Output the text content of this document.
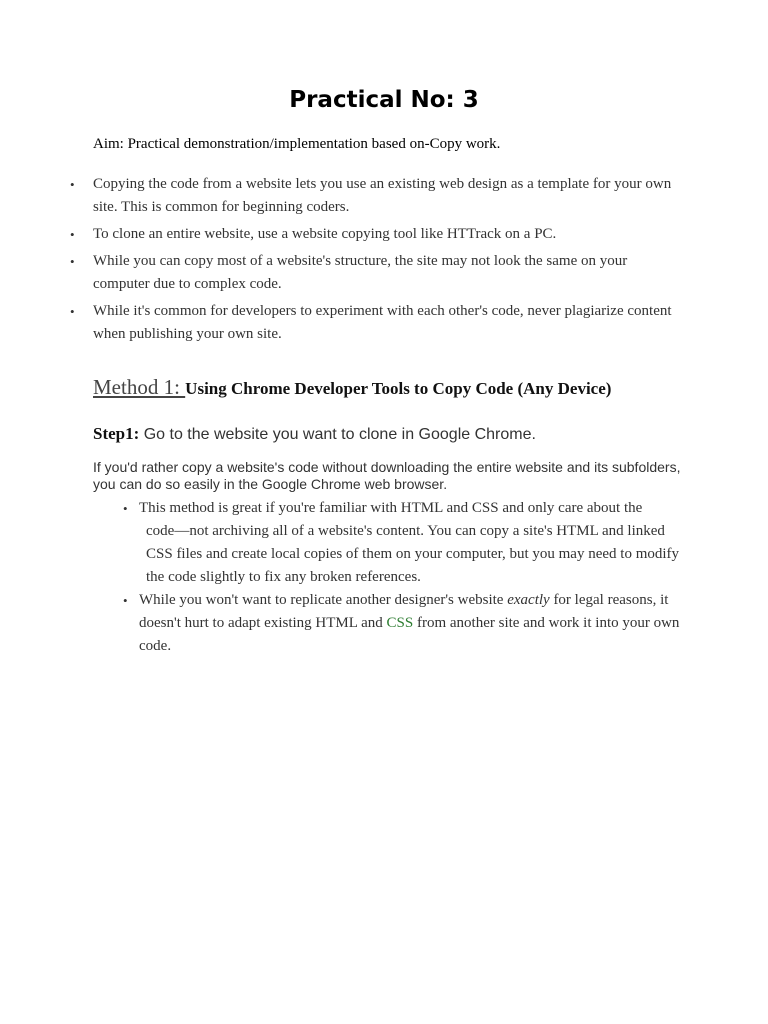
Practical No: 3

Aim: Practical demonstration/implementation based on-Copy work.

• Copying the code from a website lets you use an existing web design as a template for your own site. This is common for beginning coders.
• To clone an entire website, use a website copying tool like HTTrack on a PC.
• While you can copy most of a website's structure, the site may not look the same on your computer due to complex code.
• While it's common for developers to experiment with each other's code, never plagiarize content when publishing your own site.
Method 1: Using Chrome Developer Tools to Copy Code (Any Device)

Step1: Go to the website you want to clone in Google Chrome.

If you'd rather copy a website's code without downloading the entire website and its subfolders, you can do so easily in the Google Chrome web browser.

• This method is great if you're familiar with HTML and CSS and only care about the
code—not archiving all of a website's content. You can copy a site's HTML and linked CSS files and create local copies of them on your computer, but you may need to modify the code slightly to fix any broken references.
• While you won't want to replicate another designer's website exactly for legal reasons, it doesn't hurt to adapt existing HTML and CSS from another site and work it into your own code.
